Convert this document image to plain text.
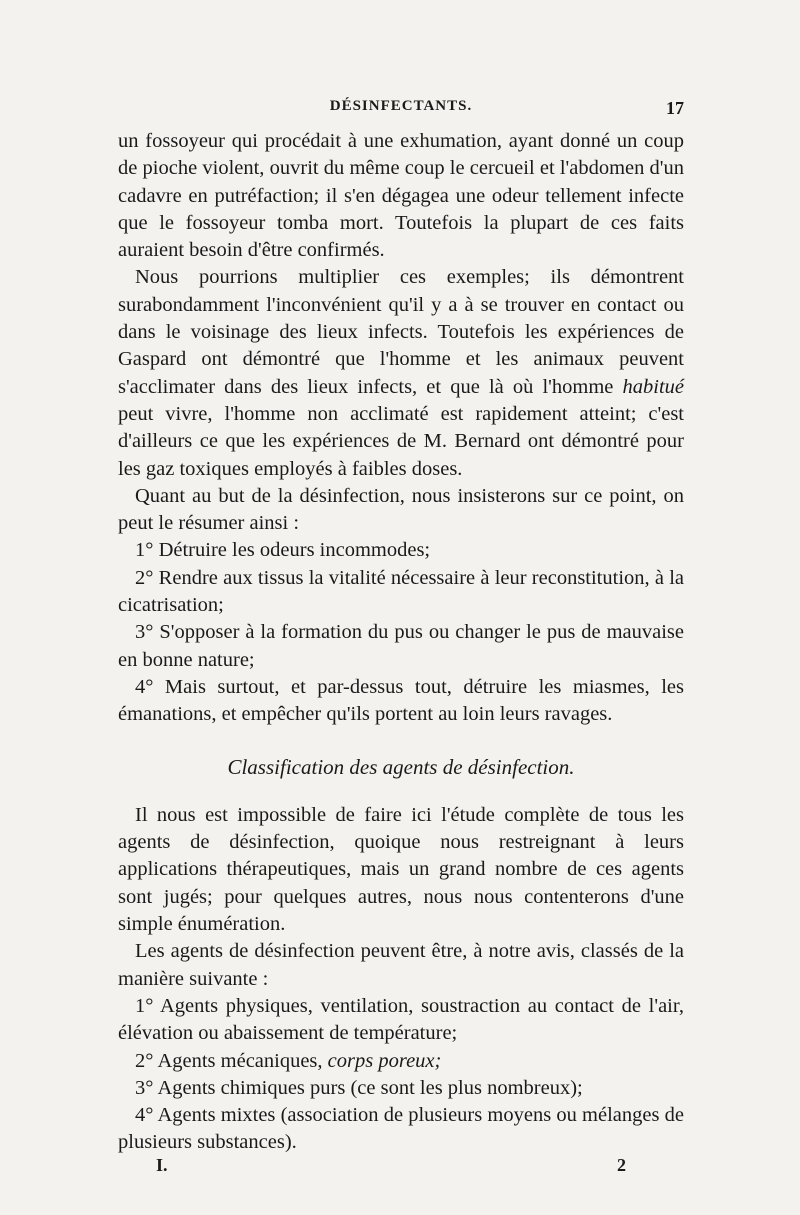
DÉSINFECTANTS.	17

un fossoyeur qui procédait à une exhumation, ayant donné un coup de pioche violent, ouvrit du même coup le cercueil et l'abdomen d'un cadavre en putréfaction; il s'en dégagea une odeur tellement infecte que le fossoyeur tomba mort. Toutefois la plupart de ces faits auraient besoin d'être confirmés.

Nous pourrions multiplier ces exemples; ils démontrent surabondamment l'inconvénient qu'il y a à se trouver en contact ou dans le voisinage des lieux infects. Toutefois les expériences de Gaspard ont démontré que l'homme et les animaux peuvent s'acclimater dans des lieux infects, et que là où l'homme habitué peut vivre, l'homme non acclimaté est rapidement atteint; c'est d'ailleurs ce que les expériences de M. Bernard ont démontré pour les gaz toxiques employés à faibles doses.

Quant au but de la désinfection, nous insisterons sur ce point, on peut le résumer ainsi :

1° Détruire les odeurs incommodes;

2° Rendre aux tissus la vitalité nécessaire à leur reconstitution, à la cicatrisation;

3° S'opposer à la formation du pus ou changer le pus de mauvaise en bonne nature;

4° Mais surtout, et par-dessus tout, détruire les miasmes, les émanations, et empêcher qu'ils portent au loin leurs ravages.

Classification des agents de désinfection.

Il nous est impossible de faire ici l'étude complète de tous les agents de désinfection, quoique nous restreignant à leurs applications thérapeutiques, mais un grand nombre de ces agents sont jugés; pour quelques autres, nous nous contenterons d'une simple énumération.

Les agents de désinfection peuvent être, à notre avis, classés de la manière suivante :

1° Agents physiques, ventilation, soustraction au contact de l'air, élévation ou abaissement de température;

2° Agents mécaniques, corps poreux;

3° Agents chimiques purs (ce sont les plus nombreux);

4° Agents mixtes (association de plusieurs moyens ou mélanges de plusieurs substances).

I.	2
